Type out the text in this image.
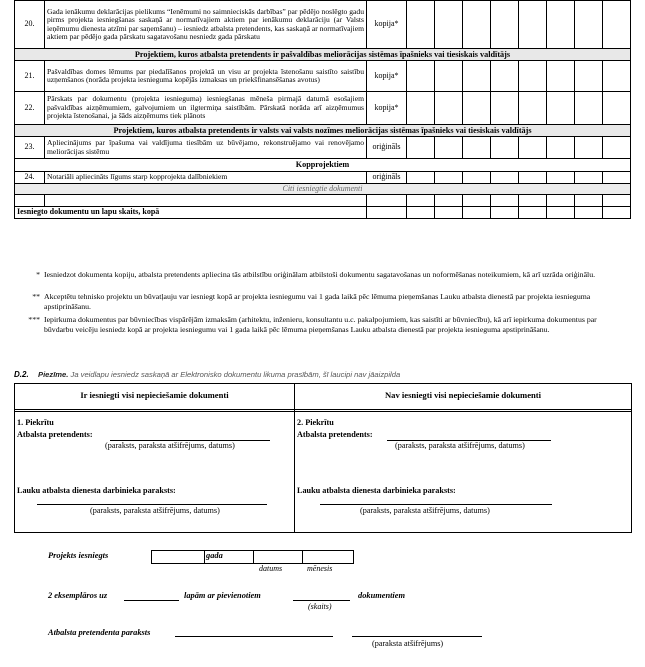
20.	Gada ienākumu deklarācijas pielikums “Ienēmumi no saimnieciskās darbības” par pēdējo noslēgto gadu pirms projekta iesniegšanas saskaņā ar normatīvajiem aktiem par ienākumu deklarāciju (ar Valsts ieņēmumu dienesta atzīmi par saņemšanu) – iesniedz atbalsta pretendents, kas saskaņā ar normatīvajiem aktiem par pēdējo gada pārskatu sagatavošanu nesniedz gada pārskatu	kopija*								
Projektiem, kuros atbalsta pretendents ir pašvaldības meliorācijas sistēmas īpašnieks vai tiesiskais valdītājs										
21.	Pašvaldības domes lēmums par piedalīšanos projektā un visu ar projekta īstenošanu saistīto saistību uzņemšanos (norāda projekta iesnieguma kopējās izmaksas un priekšfinansēšanas avotus)	kopija*								
22.	Pārskats par dokumentu (projekta iesnieguma) iesniegšanas mēneša pirmajā datumā esošajiem pašvaldības aizņēmumiem, galvojumiem un ilgtermiņa saistībām. Pārskatā norāda arī aizņēmumus projekta īstenošanai, ja šāds aizņēmums tiek plānots	kopija*								
Projektiem, kuros atbalsta pretendents ir valsts vai valsts nozīmes meliorācijas sistēmas īpašnieks vai tiesiskais valdītājs										
23.	Apliecinājums par īpašuma vai valdījuma tiesībām uz būvējamo, rekonstruējamo vai renovējamo meliorācijas sistēmu	oriģināls								
Kopprojektiem										
24.	Notariāli apliecināts līgums starp kopprojekta dalībniekiem	oriģināls								
Citi iesniegtie dokumenti										

Iesniegto dokumentu un lapu skaits, kopā										
* Iesniedzot dokumenta kopiju, atbalsta pretendents apliecina tās atbilstību oriģinālam atbilstoši dokumentu sagatavošanas un noformēšanas noteikumiem, kā arī uzrāda oriģinālu.
** Akceptētu tehnisko projektu un būvatļauju var iesniegt kopā ar projekta iesniegumu vai 1 gada laikā pēc lēmuma pieņemšanas Lauku atbalsta dienestā par projekta iesnieguma apstiprināšanu.
*** Iepirkuma dokumentus par būvniecības vispārējām izmaksām (arhitektu, inženieru, konsultantu u.c. pakalpojumiem, kas saistīti ar būvniecību), kā arī iepirkuma dokumentus par būvdarbu veicēju iesniedz kopā ar projekta iesniegumu vai 1 gada laikā pēc lēmuma pieņemšanas Lauku atbalsta dienestā par projekta iesnieguma apstiprināšanu.
D.2. Piezīme. Ja veidlapu iesniedz saskaņā ar Elektronisko dokumentu likuma prasībām, šī laucipi nav jāaizpilda
Ir iesniegti visi nepieciešamie dokumenti	Nav iesniegti visi nepieciešamie dokumenti
1. Piekrītu
Atbalsta pretendents:
(paraksts, paraksta atšifrējums, datums)
Lauku atbalsta dienesta darbinieka paraksts:
(paraksts, paraksta atšifrējums, datums)
2. Piekrītu
Atbalsta pretendents:
(paraksts, paraksta atšifrējums, datums)
Lauku atbalsta dienesta darbinieka paraksts:
(paraksts, paraksta atšifrējums, datums)
Projekts iesniegts	gada
datums	mēnesis
2 eksemplāros uz	lapām ar pievienotiem
(skaits)
dokumentiem
Atbalsta pretendenta paraksts
(paraksta atšifrējums)
